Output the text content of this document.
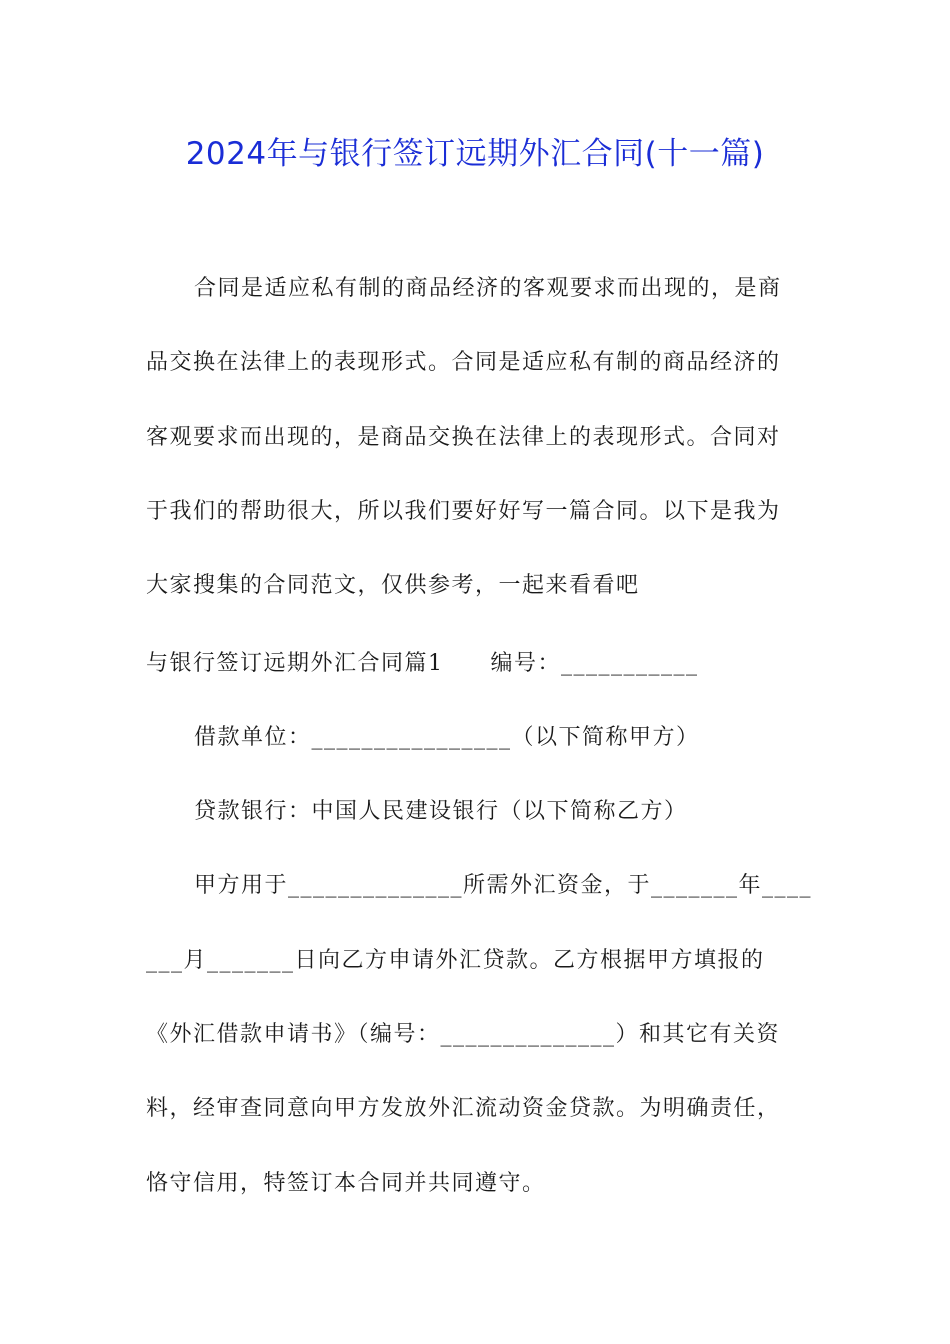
2024年与银行签订远期外汇合同(十一篇)
合同是适应私有制的商品经济的客观要求而出现的，是商
品交换在法律上的表现形式。合同是适应私有制的商品经济的
客观要求而出现的，是商品交换在法律上的表现形式。合同对
于我们的帮助很大，所以我们要好好写一篇合同。以下是我为
大家搜集的合同范文，仅供参考，一起来看看吧
与银行签订远期外汇合同篇1　　编号：___________
借款单位：________________（以下简称甲方）
贷款银行：中国人民建设银行（以下简称乙方）
甲方用于______________所需外汇资金，于_______年____
___月_______日向乙方申请外汇贷款。乙方根据甲方填报的
《外汇借款申请书》（编号：______________）和其它有关资
料，经审查同意向甲方发放外汇流动资金贷款。为明确责任，
恪守信用，特签订本合同并共同遵守。
